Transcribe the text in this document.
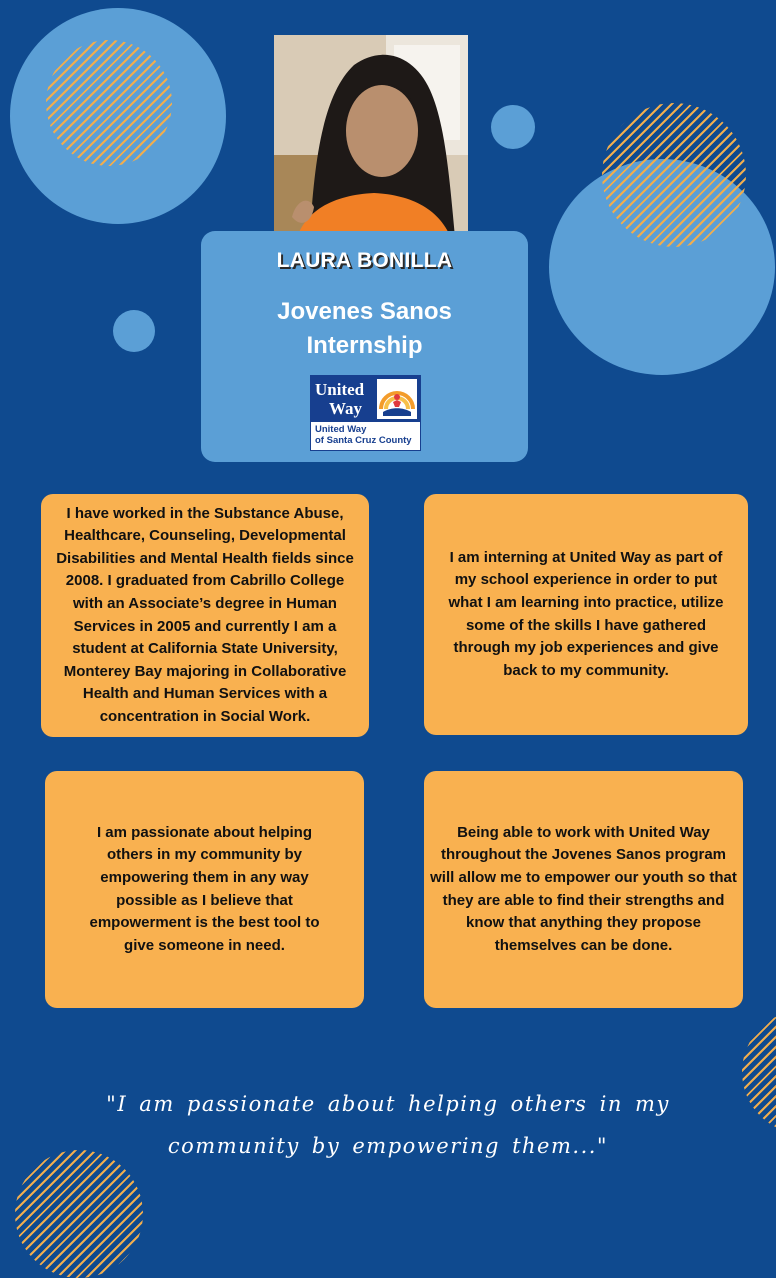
LAURA BONILLA
Jovenes Sanos
Internship
United
Way
United Way
of Santa Cruz County
I have worked in the Substance Abuse, Healthcare, Counseling, Developmental Disabilities and Mental Health fields since 2008. I graduated from Cabrillo College with an Associate’s degree in Human Services in 2005 and currently I am a student at California State University, Monterey Bay majoring in Collaborative Health and Human Services with a concentration in Social Work.
I am interning at United Way as part of my school experience in order to put what I am learning into practice, utilize some of the skills I have gathered through my job experiences and give back to my community.
I am passionate about helping others in my community by empowering them in any way possible as I believe that empowerment is the best tool to give someone in need.
Being able to work with United Way throughout the Jovenes Sanos program will allow me to empower our youth so that they are able to find their strengths and know that anything they propose themselves can be done.
"I am passionate about helping others in my community by empowering them..."
